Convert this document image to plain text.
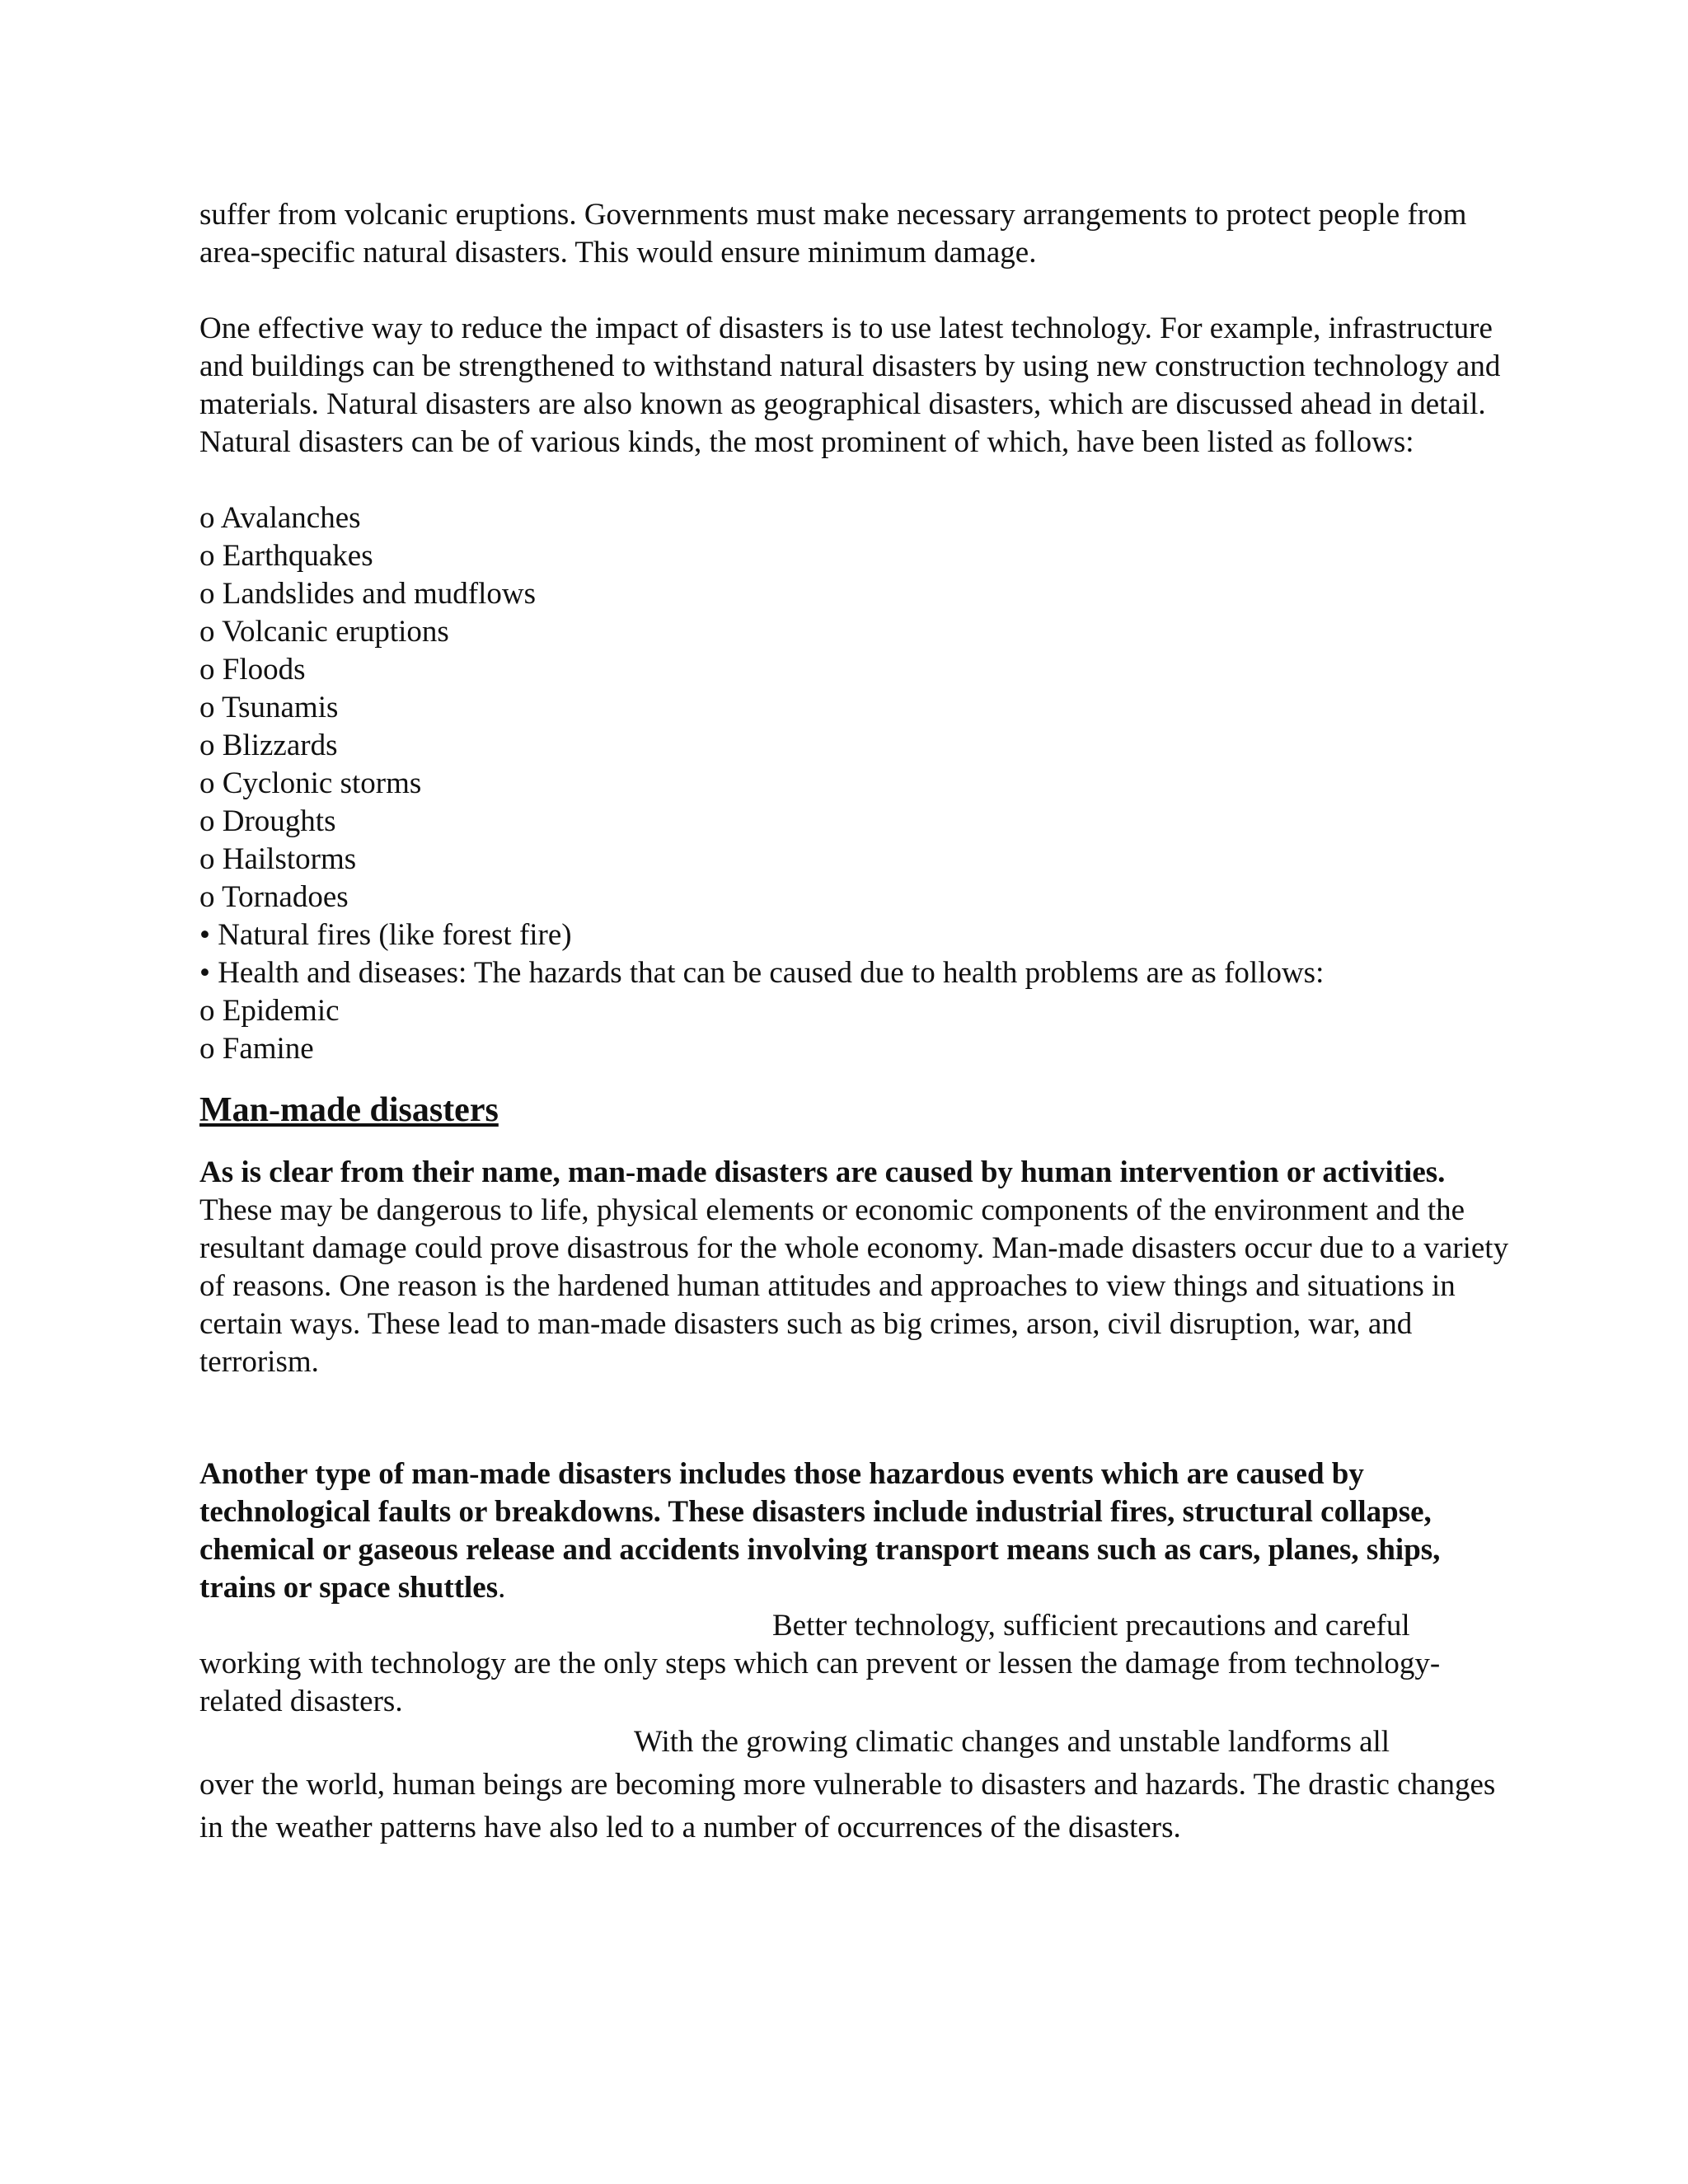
suffer from volcanic eruptions. Governments must make necessary arrangements to protect people from area-specific natural disasters. This would ensure minimum damage.

One effective way to reduce the impact of disasters is to use latest technology. For example, infrastructure and buildings can be strengthened to withstand natural disasters by using new construction technology and materials. Natural disasters are also known as geographical disasters, which are discussed ahead in detail. Natural disasters can be of various kinds, the most prominent of which, have been listed as follows:

o Avalanches
o Earthquakes
o Landslides and mudflows
o Volcanic eruptions
o Floods
o Tsunamis
o Blizzards
o Cyclonic storms
o Droughts
o Hailstorms
o Tornadoes
• Natural fires (like forest fire)
• Health and diseases: The hazards that can be caused due to health problems are as follows:
o Epidemic
o Famine
Man-made disasters

As is clear from their name, man-made disasters are caused by human intervention or activities. These may be dangerous to life, physical elements or economic components of the environment and the resultant damage could prove disastrous for the whole economy. Man-made disasters occur due to a variety of reasons. One reason is the hardened human attitudes and approaches to view things and situations in certain ways. These lead to man-made disasters such as big crimes, arson, civil disruption, war, and terrorism.

Another type of man-made disasters includes those hazardous events which are caused by technological faults or breakdowns. These disasters include industrial fires, structural collapse, chemical or gaseous release and accidents involving transport means such as cars, planes, ships, trains or space shuttles.

Better technology, sufficient precautions and careful
working with technology are the only steps which can prevent or lessen the damage from technology-related disasters.

With the growing climatic changes and unstable landforms all
over the world, human beings are becoming more vulnerable to disasters and hazards. The drastic changes in the weather patterns have also led to a number of occurrences of the disasters.
